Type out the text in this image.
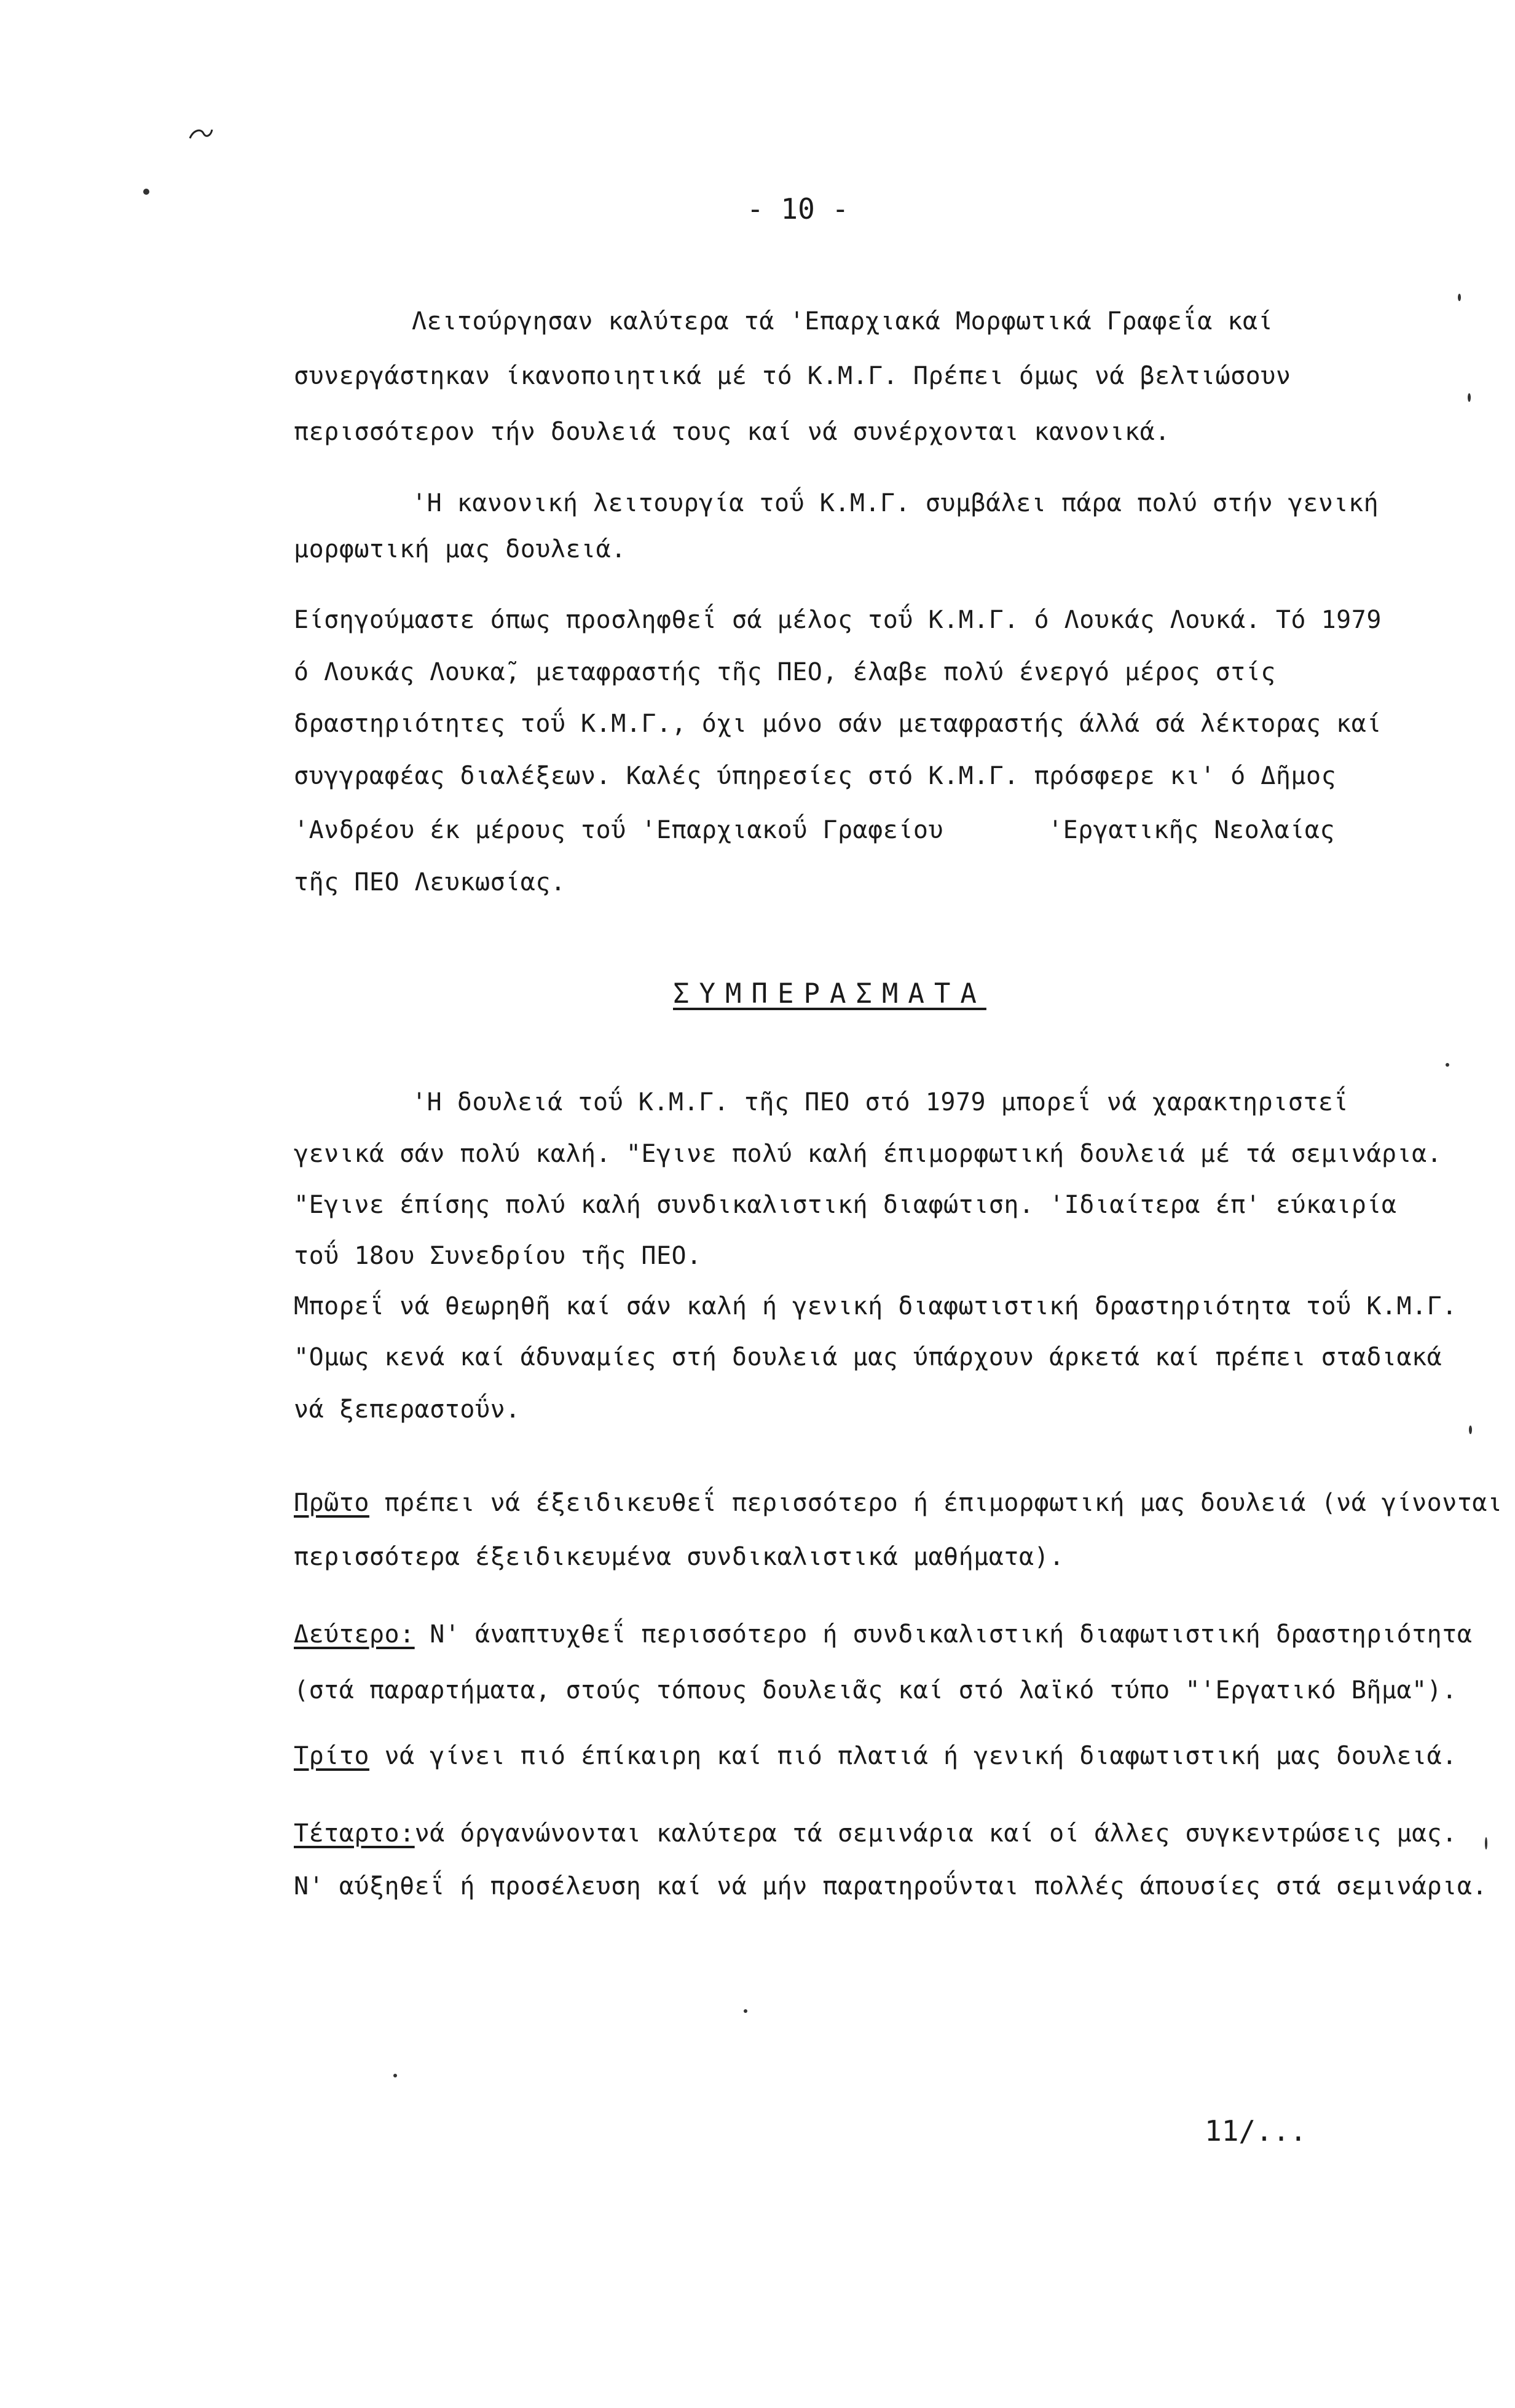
- 10 -
Λειτούργησαν καλύτερα τά 'Επαρχιακά Μορφωτικά Γραφεΐα καί
συνεργάστηκαν ίκανοποιητικά μέ τό Κ.Μ.Γ. Πρέπει όμως νά βελτιώσουν
περισσότερον τήν δουλειά τους καί νά συνέρχονται κανονικά.
'Η κανονική λειτουργία τοΰ Κ.Μ.Γ. συμβάλει πάρα πολύ στήν γενική
μορφωτική μας δουλειά.
Είσηγούμαστε όπως προσληφθεΐ σά μέλος τοΰ Κ.Μ.Γ. ό Λουκάς Λουκά. Τό 1979
ό Λουκάς Λουκα̃, μεταφραστής τῆς ΠΕΟ, έλαβε πολύ ένεργό μέρος στίς
δραστηριότητες τοΰ Κ.Μ.Γ., όχι μόνο σάν μεταφραστής άλλά σά λέκτορας καί
συγγραφέας διαλέξεων. Καλές ύπηρεσίες στό Κ.Μ.Γ. πρόσφερε κι' ό Δῆμος
'Ανδρέου έκ μέρους τοΰ 'Επαρχιακοΰ Γραφείου	'Εργατικῆς Νεολαίας
τῆς ΠΕΟ Λευκωσίας.
ΣΥΜΠΕΡΑΣΜΑΤΑ
'Η δουλειά τοΰ Κ.Μ.Γ. τῆς ΠΕΟ στό 1979 μπορεΐ νά χαρακτηριστεΐ
γενικά σάν πολύ καλή. "Εγινε πολύ καλή έπιμορφωτική δουλειά μέ τά σεμινάρια.
"Εγινε έπίσης πολύ καλή συνδικαλιστική διαφώτιση. 'Ιδιαίτερα έπ' εύκαιρία
τοΰ 18ου Συνεδρίου τῆς ΠΕΟ.
Μπορεΐ νά θεωρηθῆ καί σάν καλή ή γενική διαφωτιστική δραστηριότητα τοΰ Κ.Μ.Γ.
"Ομως κενά καί άδυναμίες στή δουλειά μας ύπάρχουν άρκετά καί πρέπει σταδιακά
νά ξεπεραστοΰν.
Πρῶτο πρέπει νά έξειδικευθεΐ περισσότερο ή έπιμορφωτική μας δουλειά (νά γίνονται
περισσότερα έξειδικευμένα συνδικαλιστικά μαθήματα).
Δεύτερο: Ν' άναπτυχθεΐ περισσότερο ή συνδικαλιστική διαφωτιστική δραστηριότητα
(στά παραρτήματα, στούς τόπους δουλειᾶς καί στό λαϊκό τύπο "'Εργατικό Βῆμα").
Τρίτο νά γίνει πιό έπίκαιρη καί πιό πλατιά ή γενική διαφωτιστική μας δουλειά.
Τέταρτο:νά όργανώνονται καλύτερα τά σεμινάρια καί οί άλλες συγκεντρώσεις μας.
Ν' αύξηθεΐ ή προσέλευση καί νά μήν παρατηροΰνται πολλές άπουσίες στά σεμινάρια.
11/...
